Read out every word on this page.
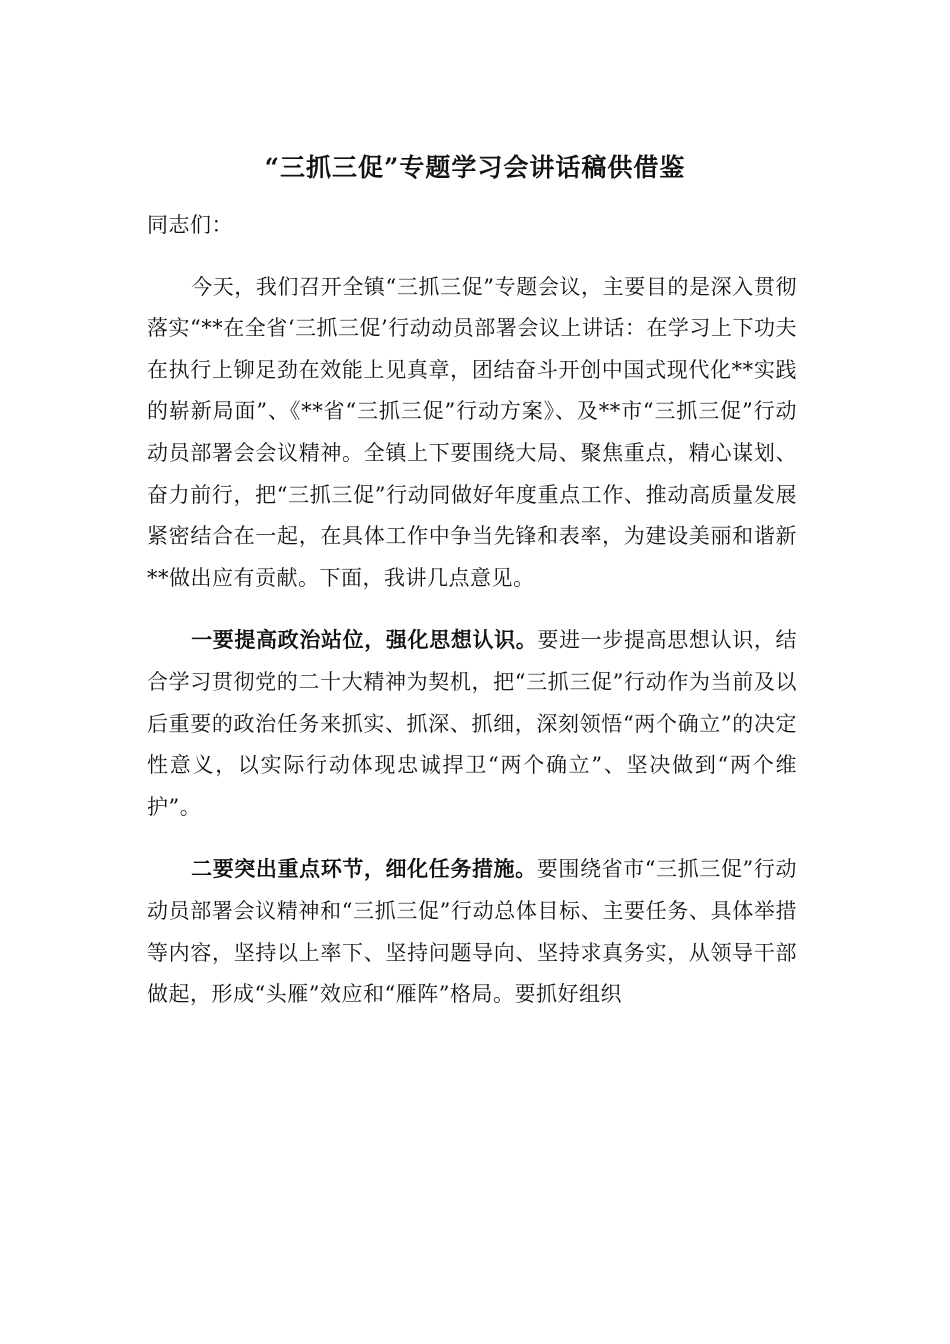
“三抓三促”专题学习会讲话稿供借鉴

同志们：

今天，我们召开全镇“三抓三促”专题会议，主要目的是深入贯彻落实“**在全省‘三抓三促’行动动员部署会议上讲话：在学习上下功夫在执行上铆足劲在效能上见真章，团结奋斗开创中国式现代化**实践的崭新局面”、《**省“三抓三促”行动方案》、及**市“三抓三促”行动动员部署会会议精神。全镇上下要围绕大局、聚焦重点，精心谋划、奋力前行，把“三抓三促”行动同做好年度重点工作、推动高质量发展紧密结合在一起，在具体工作中争当先锋和表率，为建设美丽和谐新**做出应有贡献。下面，我讲几点意见。

一要提高政治站位，强化思想认识。要进一步提高思想认识，结合学习贯彻党的二十大精神为契机，把“三抓三促”行动作为当前及以后重要的政治任务来抓实、抓深、抓细，深刻领悟“两个确立”的决定性意义，以实际行动体现忠诚捍卫“两个确立”、坚决做到“两个维护”。

二要突出重点环节，细化任务措施。要围绕省市“三抓三促”行动动员部署会议精神和“三抓三促”行动总体目标、主要任务、具体举措等内容，坚持以上率下、坚持问题导向、坚持求真务实，从领导干部做起，形成“头雁”效应和“雁阵”格局。要抓好组织
